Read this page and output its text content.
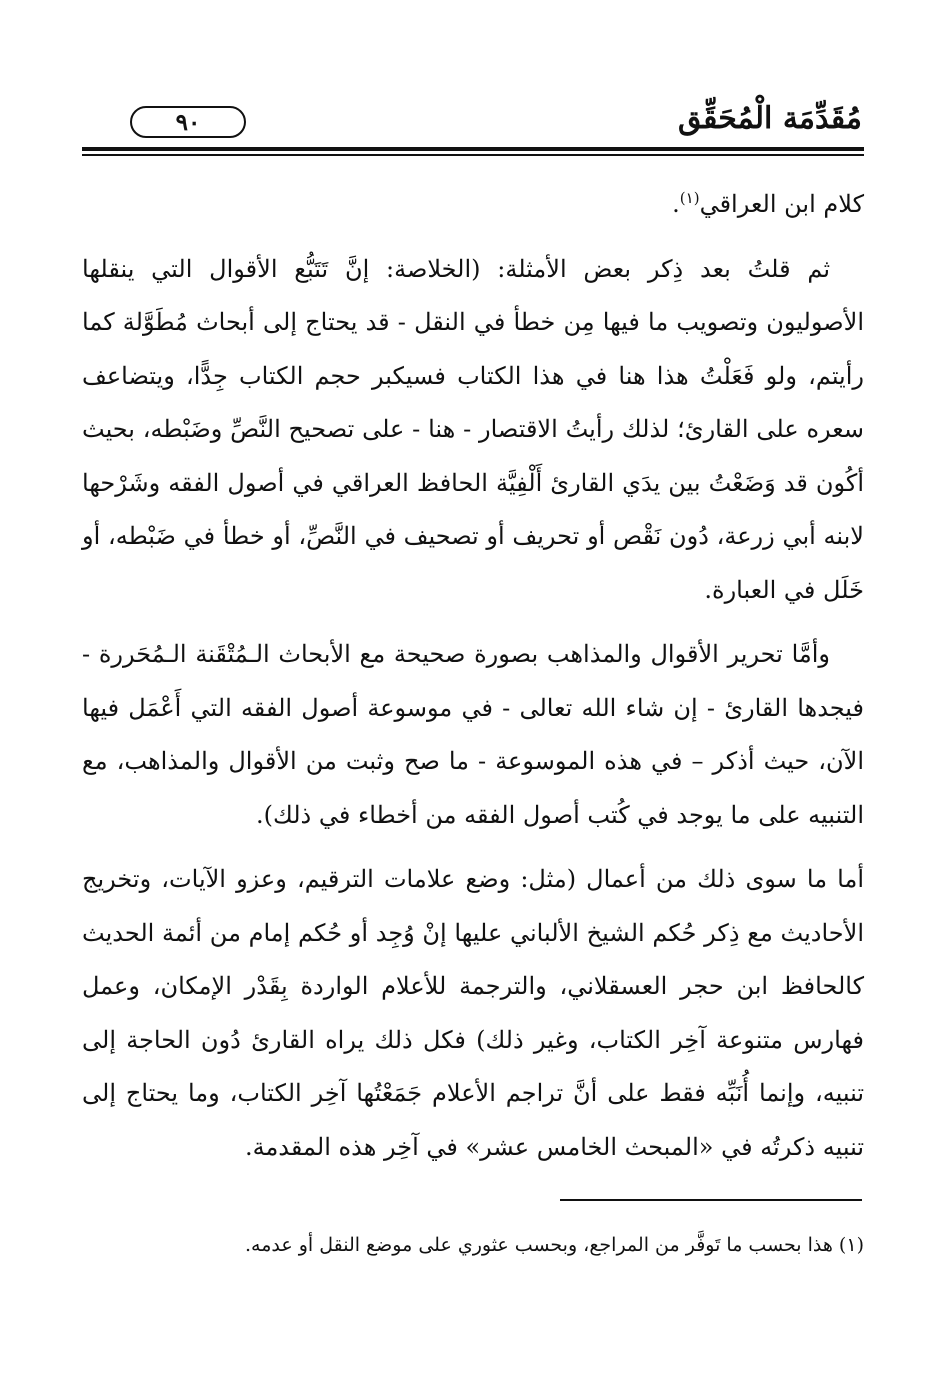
٩٠	مُقَدِّمَة الْمُحَقِّق

كلام ابن العراقي$^{(١)}$.

ثم قلتُ بعد ذِكر بعض الأمثلة: (الخلاصة: إنَّ تَتَبُّع الأقوال التي ينقلها الأصوليون وتصويب ما فيها مِن خطأ في النقل - قد يحتاج إلى أبحاث مُطَوَّلة كما رأيتم، ولو فَعَلْتُ هذا هنا في هذا الكتاب فسيكبر حجم الكتاب جِدًّا، ويتضاعف سعره على القارئ؛ لذلك رأيتُ الاقتصار - هنا - على تصحيح النَّصِّ وضَبْطه، بحيث أكُون قد وَضَعْتُ بين يدَي القارئ أَلْفِيَّة الحافظ العراقي في أصول الفقه وشَرْحها لابنه أبي زرعة، دُون نَقْص أو تحريف أو تصحيف في النَّصِّ، أو خطأ في ضَبْطه، أو خَلَل في العبارة.

وأمَّا تحرير الأقوال والمذاهب بصورة صحيحة مع الأبحاث الـمُتْقَنة الـمُحَررة - فيجدها القارئ - إن شاء الله تعالى - في موسوعة أصول الفقه التي أَعْمَل فيها الآن، حيث أذكر – في هذه الموسوعة - ما صح وثبت من الأقوال والمذاهب، مع التنبيه على ما يوجد في كُتب أصول الفقه من أخطاء في ذلك).

أما ما سوى ذلك من أعمال (مثل: وضع علامات الترقيم، وعزو الآيات، وتخريج الأحاديث مع ذِكر حُكم الشيخ الألباني عليها إنْ وُجِد أو حُكم إمام من أئمة الحديث كالحافظ ابن حجر العسقلاني، والترجمة للأعلام الواردة بِقَدْر الإمكان، وعمل فهارس متنوعة آخِر الكتاب، وغير ذلك) فكل ذلك يراه القارئ دُون الحاجة إلى تنبيه، وإنما أُنَبِّه فقط على أنَّ تراجم الأعلام جَمَعْتُها آخِر الكتاب، وما يحتاج إلى تنبيه ذكرتُه في «المبحث الخامس عشر» في آخِر هذه المقدمة.

(١) هذا بحسب ما تَوفَّر من المراجع، وبحسب عثوري على موضع النقل أو عدمه.
